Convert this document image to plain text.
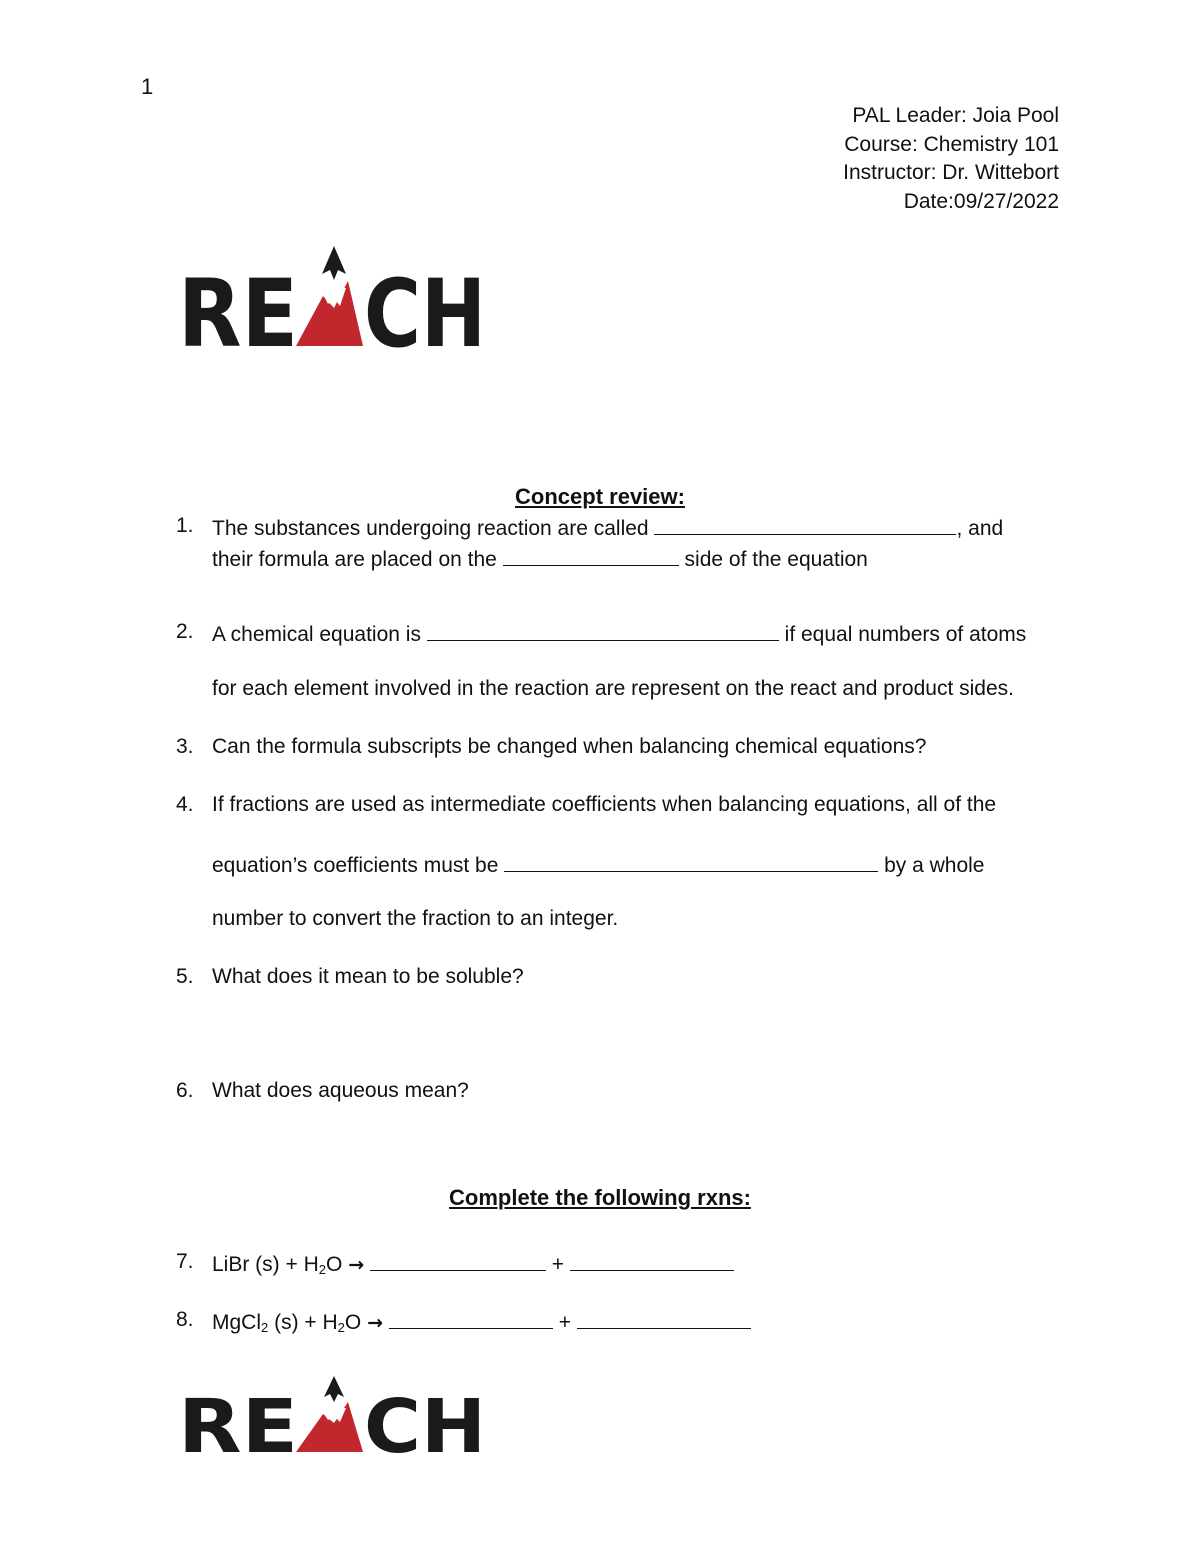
1
PAL Leader: Joia Pool
Course: Chemistry 101
Instructor: Dr. Wittebort
Date:09/27/2022
RE CH
Concept review:
1. The substances undergoing reaction are called	, and
their formula are placed on the	side of the equation
2. A chemical equation is	if equal numbers of atoms
for each element involved in the reaction are represent on the react and product sides.
3. Can the formula subscripts be changed when balancing chemical equations?
4. If fractions are used as intermediate coefficients when balancing equations, all of the
equation’s coefficients must be	by a whole
number to convert the fraction to an integer.
5. What does it mean to be soluble?
6. What does aqueous mean?
Complete the following rxns:
7. LiBr $(s) + H_2O$ →	+
8. MgCl$_2$ $(s) + H_2O$ →	+
RE CH
